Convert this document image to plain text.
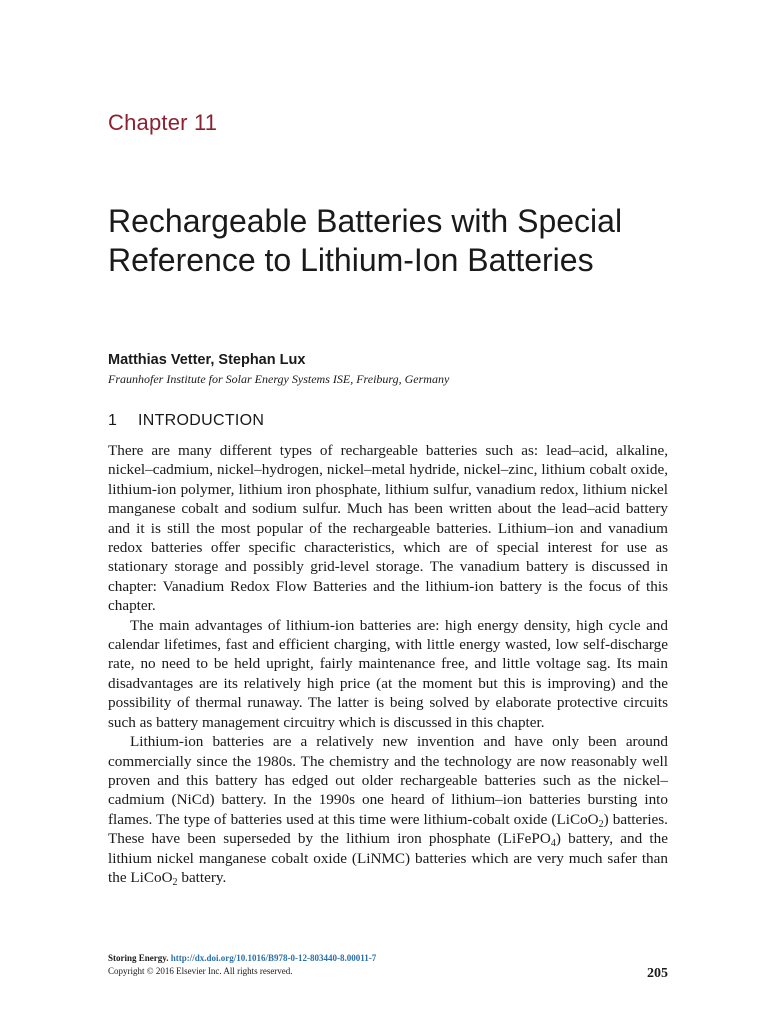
Chapter 11
Rechargeable Batteries with Special Reference to Lithium-Ion Batteries
Matthias Vetter, Stephan Lux
Fraunhofer Institute for Solar Energy Systems ISE, Freiburg, Germany
1 INTRODUCTION

There are many different types of rechargeable batteries such as: lead–acid, alkaline, nickel–cadmium, nickel–hydrogen, nickel–metal hydride, nickel–zinc, lithium cobalt oxide, lithium-ion polymer, lithium iron phosphate, lithium sulfur, vanadium redox, lithium nickel manganese cobalt and sodium sulfur. Much has been written about the lead–acid battery and it is still the most popular of the rechargeable batteries. Lithium–ion and vanadium redox batteries offer specific characteristics, which are of special interest for use as stationary storage and possibly grid-level storage. The vanadium battery is discussed in chapter: Vanadium Redox Flow Batteries and the lithium-ion battery is the focus of this chapter.

The main advantages of lithium-ion batteries are: high energy density, high cycle and calendar lifetimes, fast and efficient charging, with little energy wasted, low self-discharge rate, no need to be held upright, fairly maintenance free, and little voltage sag. Its main disadvantages are its relatively high price (at the moment but this is improving) and the possibility of thermal runaway. The latter is being solved by elaborate protective circuits such as battery management circuitry which is discussed in this chapter.

Lithium-ion batteries are a relatively new invention and have only been around commercially since the 1980s. The chemistry and the technology are now reasonably well proven and this battery has edged out older rechargeable batteries such as the nickel–cadmium (NiCd) battery. In the 1990s one heard of lithium–ion batteries bursting into flames. The type of batteries used at this time were lithium-cobalt oxide (LiCoO$_2$) batteries. These have been superseded by the lithium iron phosphate (LiFePO$_4$) battery, and the lithium nickel manganese cobalt oxide (LiNMC) batteries which are very much safer than the LiCoO$_2$ battery.

Storing Energy. http://dx.doi.org/10.1016/B978-0-12-803440-8.00011-7
Copyright © 2016 Elsevier Inc. All rights reserved.	205
